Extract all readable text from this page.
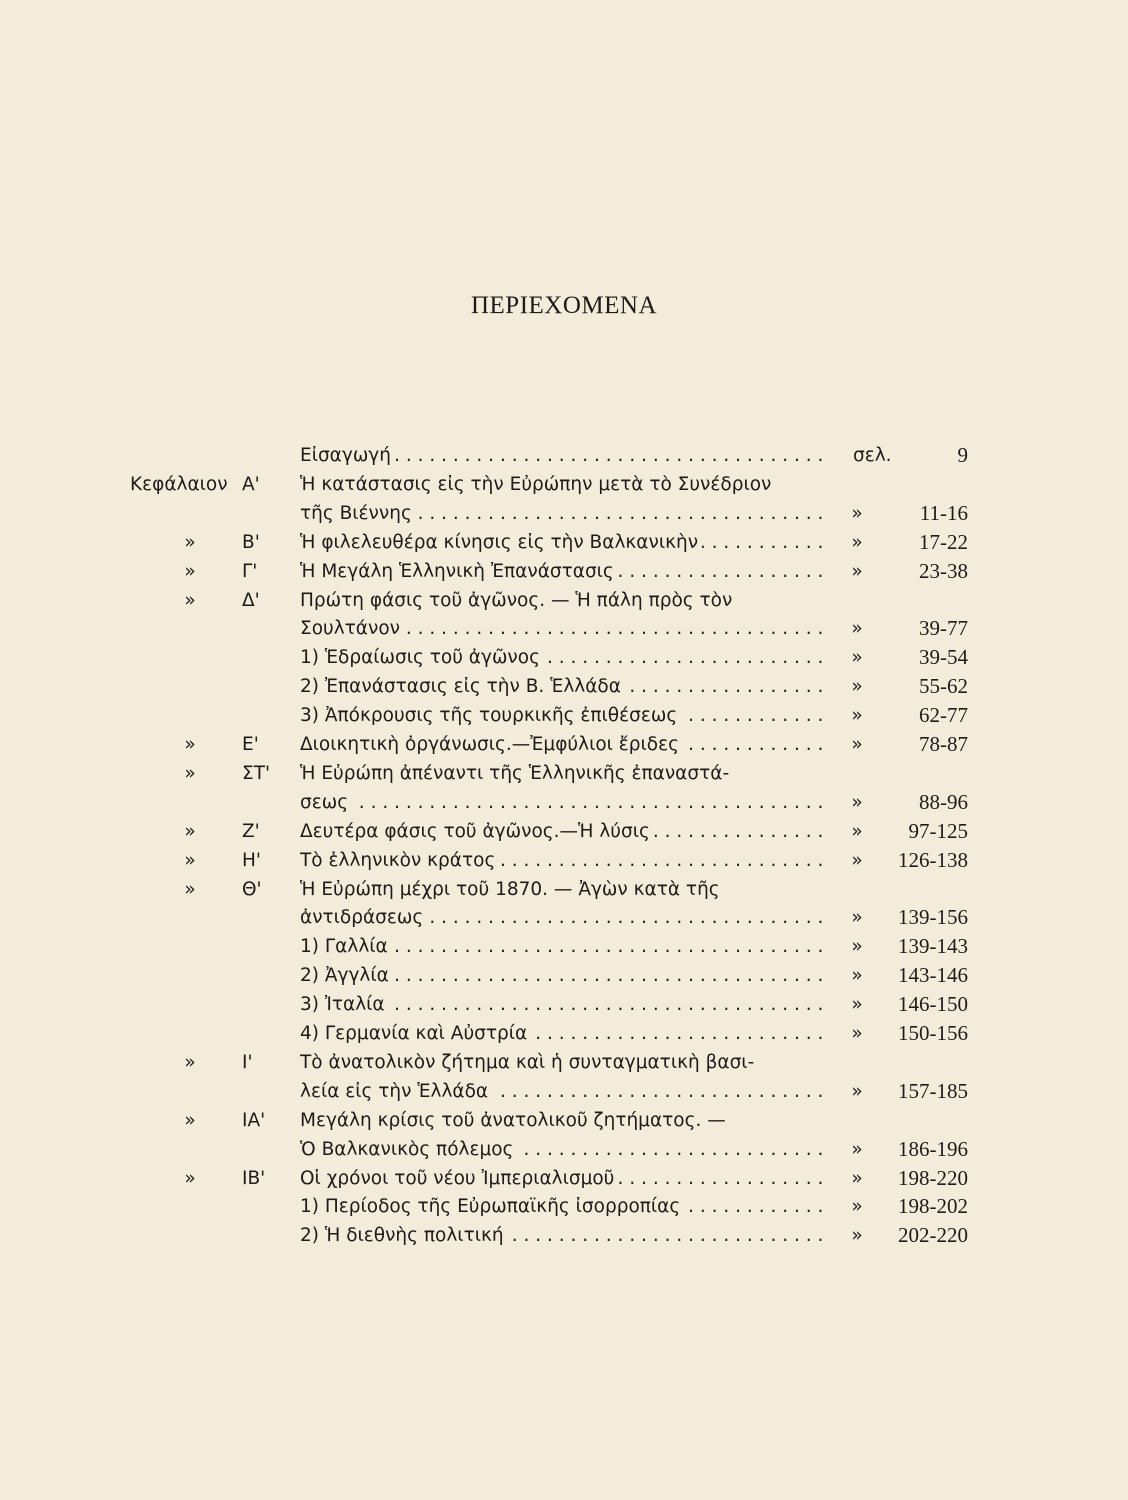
ΠΕΡΙΕΧΟΜΕΝΑ
Εἰσαγωγή . . .	σελ.	9
Κεφάλαιον Α'	Ἡ κατάστασις εἰς τὴν Εὐρώπην μετὰ τὸ Συνέδριον
τῆς Βιέννης . . .	»	11-16
»	Β'	Ἡ φιλελευθέρα κίνησις εἰς τὴν Βαλκανικὴν . . .	»	17-22
»	Γ'	Ἡ Μεγάλη Ἑλληνικὴ Ἐπανάστασις . . .	»	23-38
»	Δ'	Πρώτη φάσις τοῦ ἀγῶνος. — Ἡ πάλη πρὸς τὸν
Σουλτάνον . . .	»	39-77
1) Ἑδραίωσις τοῦ ἀγῶνος . . .	»	39-54
2) Ἐπανάστασις εἰς τὴν Β. Ἑλλάδα . . .	»	55-62
3) Ἀπόκρουσις τῆς τουρκικῆς ἐπιθέσεως . . .	»	62-77
»	Ε'	Διοικητικὴ ὀργάνωσις.—Ἐμφύλιοι ἔριδες . . .	»	78-87
»	ΣΤ'	Ἡ Εὐρώπη ἀπέναντι τῆς Ἑλληνικῆς ἐπαναστά-
σεως . . .	»	88-96
»	Ζ'	Δευτέρα φάσις τοῦ ἀγῶνος.—Ἡ λύσις . . .	»	97-125
»	Η'	Τὸ ἑλληνικὸν κράτος . . .	»	126-138
»	Θ'	Ἡ Εὐρώπη μέχρι τοῦ 1870. — Ἀγὼν κατὰ τῆς
ἀντιδράσεως . . .	»	139-156
1) Γαλλία . . .	»	139-143
2) Ἀγγλία . . .	»	143-146
3) Ἰταλία . . .	»	146-150
4) Γερμανία καὶ Αὐστρία . . .	»	150-156
»	Ι'	Τὸ ἀνατολικὸν ζήτημα καὶ ἡ συνταγματικὴ βασι-
λεία εἰς τὴν Ἑλλάδα . . .	»	157-185
»	ΙΑ'	Μεγάλη κρίσις τοῦ ἀνατολικοῦ ζητήματος. —
Ὁ Βαλκανικὸς πόλεμος . . .	»	186-196
»	ΙΒ'	Οἱ χρόνοι τοῦ νέου Ἰμπεριαλισμοῦ . . .	»	198-220
1) Περίοδος τῆς Εὐρωπαϊκῆς ἰσορροπίας . . .	»	198-202
2) Ἡ διεθνὴς πολιτική . . .	»	202-220
